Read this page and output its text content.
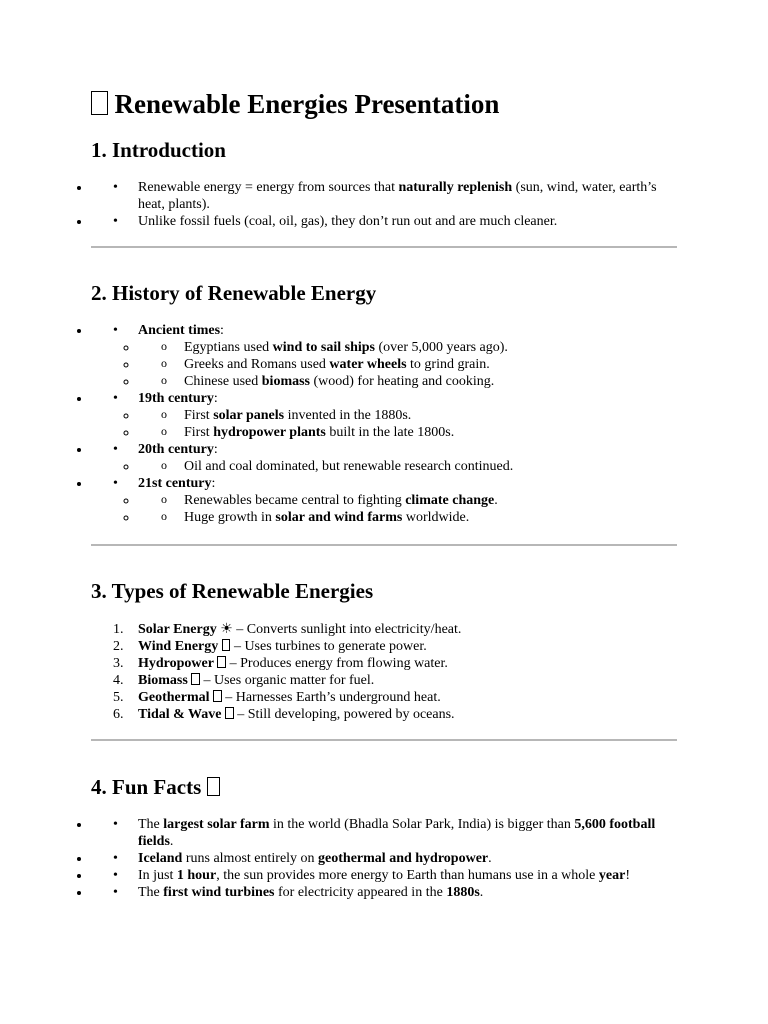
Renewable Energies Presentation
1. Introduction
• • Renewable energy = energy from sources that naturally replenish (sun, wind, water, earth’s heat, plants).
• • Unlike fossil fuels (coal, oil, gas), they don’t run out and are much cleaner.
2. History of Renewable Energy
• • Ancient times:
o ◦ Egyptians used wind to sail ships (over 5,000 years ago).
o ◦ Greeks and Romans used water wheels to grind grain.
o ◦ Chinese used biomass (wood) for heating and cooking.
• • 19th century:
o ◦ First solar panels invented in the 1880s.
o ◦ First hydropower plants built in the late 1800s.
• • 20th century:
o ◦ Oil and coal dominated, but renewable research continued.
• • 21st century:
o ◦ Renewables became central to fighting climate change.
o ◦ Huge growth in solar and wind farms worldwide.
3. Types of Renewable Energies
1. Solar Energy ☀ – Converts sunlight into electricity/heat.
2. Wind Energy  – Uses turbines to generate power.
3. Hydropower  – Produces energy from flowing water.
4. Biomass  – Uses organic matter for fuel.
5. Geothermal  – Harnesses Earth’s underground heat.
6. Tidal & Wave  – Still developing, powered by oceans.
4. Fun Facts
• • The largest solar farm in the world (Bhadla Solar Park, India) is bigger than 5,600 football fields.
• • Iceland runs almost entirely on geothermal and hydropower.
• • In just 1 hour, the sun provides more energy to Earth than humans use in a whole year!
• • The first wind turbines for electricity appeared in the 1880s.
